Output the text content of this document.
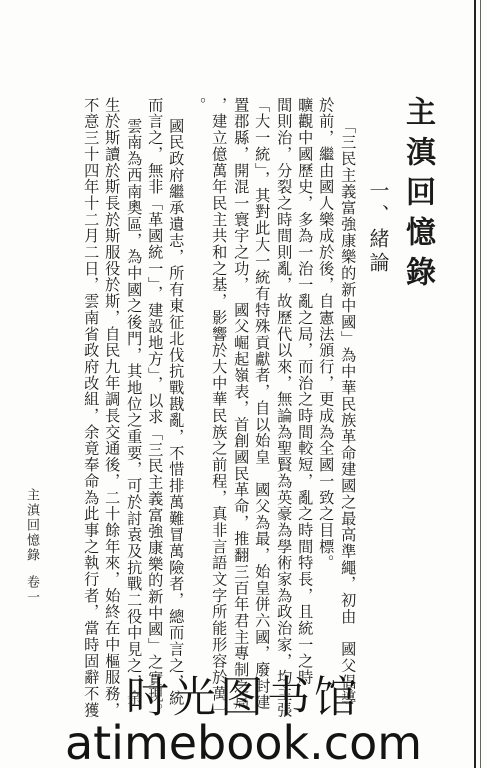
主滇回憶錄
一、緒論
「三民主義富強康樂的新中國」為中華民族革命建國之最高準繩，初由　國父倡導
於前，繼由國人樂成於後，自憲法頒行，更成為全國一致之目標。
曠觀中國歷史，多為一治一亂之局，而治之時間較短，亂之時間特長，且統一之時
間則治，分裂之時間則亂，故歷代以來，無論為聖賢為英豪為學術家為政治家，均主張
「大一統」，其對此大一統有特殊貢獻者，自以始皇　國父為最，始皇併六國，廢封建
置郡縣，開混一寰宇之功，　國父崛起嶺表，首創國民革命，推翻三百年君主專制之局
，建立億萬年民主共和之基，影響於大中華民族之前程，真非言語文字所能形容於萬一
。
國民政府繼承遺志，所有東征北伐抗戰戡亂，不惜排萬難冒萬險者，總而言之，統
而言之，無非「革國統一」，建設地方」，以求「三民主義富強康樂的新中國」之實現。
雲南為西南奧區，為中國之後門，其地位之重要，可於討袁及抗戰二役中見之，余
生於斯讀於斯長於斯服役於斯，自民九年調長交通後，二十餘年來，始終在中樞服務，
不意三十四年十二月二日，雲南省政府改組，余竟奉命為此事之執行者，當時固辭不獲
主滇回憶錄
卷一
时光图书馆
atimebook.com
